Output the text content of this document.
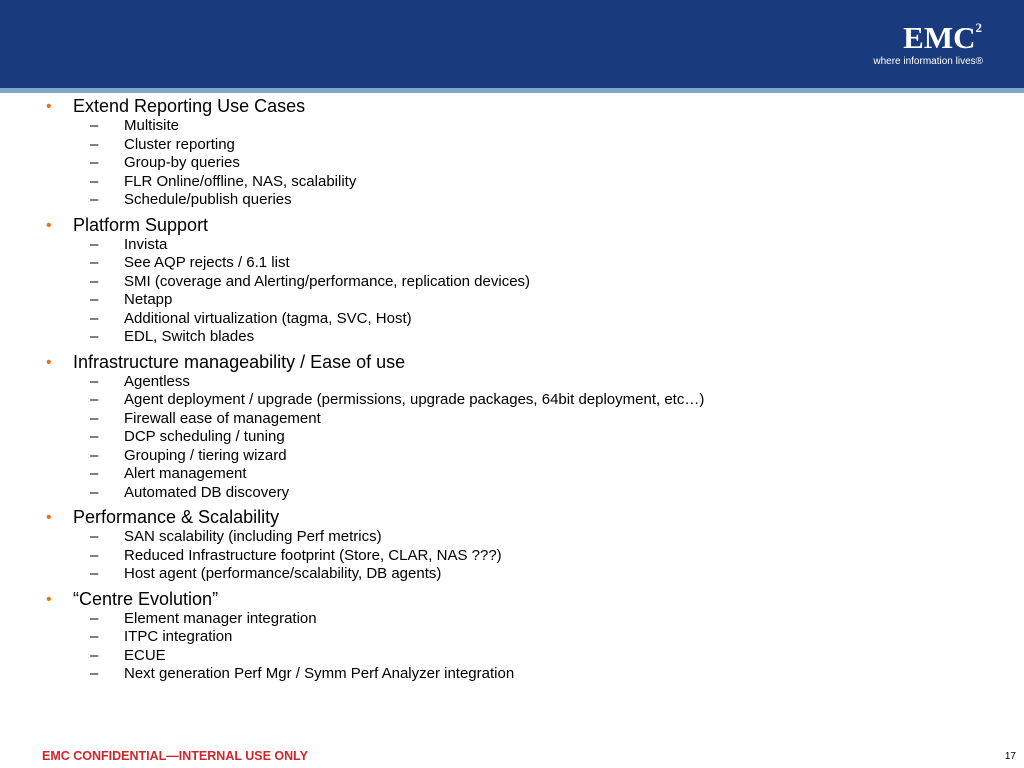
EMC$^2$
where information lives®
• Extend Reporting Use Cases
– Multisite
– Cluster reporting
– Group-by queries
– FLR Online/offline, NAS, scalability
– Schedule/publish queries
• Platform Support
– Invista
– See AQP rejects / 6.1 list
– SMI (coverage and Alerting/performance, replication devices)
– Netapp
– Additional virtualization (tagma, SVC, Host)
– EDL, Switch blades
• Infrastructure manageability / Ease of use
– Agentless
– Agent deployment / upgrade (permissions, upgrade packages, 64bit deployment, etc…)
– Firewall ease of management
– DCP scheduling / tuning
– Grouping / tiering wizard
– Alert management
– Automated DB discovery
• Performance & Scalability
– SAN scalability (including Perf metrics)
– Reduced Infrastructure footprint (Store, CLAR, NAS ???)
– Host agent (performance/scalability, DB agents)
• “Centre Evolution”
– Element manager integration
– ITPC integration
– ECUE
– Next generation Perf Mgr / Symm Perf Analyzer integration
EMC CONFIDENTIAL—INTERNAL USE ONLY	17
